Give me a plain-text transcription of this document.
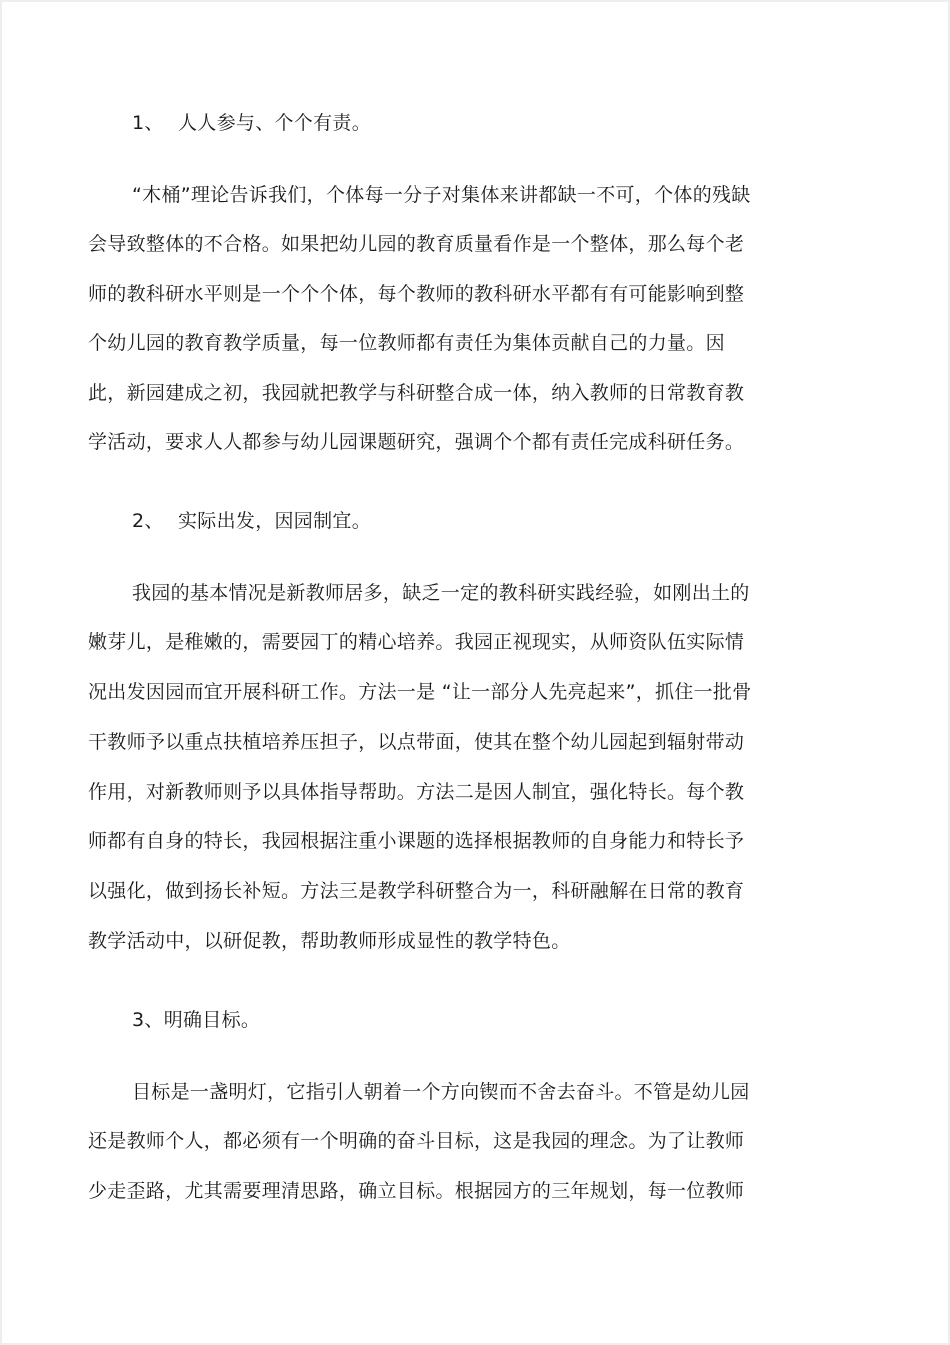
1、 人人参与、个个有责。
“木桶”理论告诉我们，个体每一分子对集体来讲都缺一不可，个体的残缺
会导致整体的不合格。如果把幼儿园的教育质量看作是一个整体，那么每个老
师的教科研水平则是一个个个体，每个教师的教科研水平都有有可能影响到整
个幼儿园的教育教学质量，每一位教师都有责任为集体贡献自己的力量。因
此，新园建成之初，我园就把教学与科研整合成一体，纳入教师的日常教育教
学活动，要求人人都参与幼儿园课题研究，强调个个都有责任完成科研任务。
2、 实际出发，因园制宜。
我园的基本情况是新教师居多，缺乏一定的教科研实践经验，如刚出土的
嫩芽儿，是稚嫩的，需要园丁的精心培养。我园正视现实，从师资队伍实际情
况出发因园而宜开展科研工作。方法一是 “让一部分人先亮起来”，抓住一批骨
干教师予以重点扶植培养压担子，以点带面，使其在整个幼儿园起到辐射带动
作用，对新教师则予以具体指导帮助。方法二是因人制宜，强化特长。每个教
师都有自身的特长，我园根据注重小课题的选择根据教师的自身能力和特长予
以强化，做到扬长补短。方法三是教学科研整合为一，科研融解在日常的教育
教学活动中，以研促教，帮助教师形成显性的教学特色。
3、明确目标。
目标是一盏明灯，它指引人朝着一个方向锲而不舍去奋斗。不管是幼儿园
还是教师个人，都必须有一个明确的奋斗目标，这是我园的理念。为了让教师
少走歪路，尤其需要理清思路，确立目标。根据园方的三年规划，每一位教师
